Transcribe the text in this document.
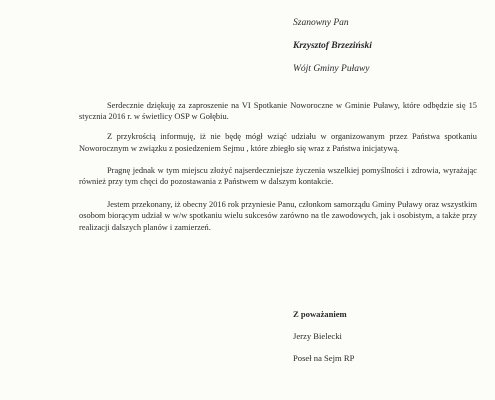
Szanowny Pan
Krzysztof Brzeziński
Wójt Gminy Puławy

Serdecznie dziękuję za zaproszenie na VI Spotkanie Noworoczne w Gminie Puławy, które odbędzie się 15 stycznia 2016 r. w świetlicy OSP w Gołębiu.

Z przykrością informuję, iż nie będę mógł wziąć udziału w organizowanym przez Państwa spotkaniu Noworocznym w związku z posiedzeniem Sejmu , które zbiegło się wraz z Państwa inicjatywą.

Pragnę jednak w tym miejscu złożyć najserdeczniejsze życzenia wszelkiej pomyślności i zdrowia, wyrażając również przy tym chęci do pozostawania z Państwem w dalszym kontakcie.

Jestem przekonany, iż obecny 2016 rok przyniesie Panu, członkom samorządu Gminy Puławy oraz wszystkim osobom biorącym udział w w/w spotkaniu wielu sukcesów zarówno na tle zawodowych, jak i osobistym, a także przy realizacji dalszych planów i zamierzeń.

Z poważaniem
Jerzy Bielecki
Poseł na Sejm RP
